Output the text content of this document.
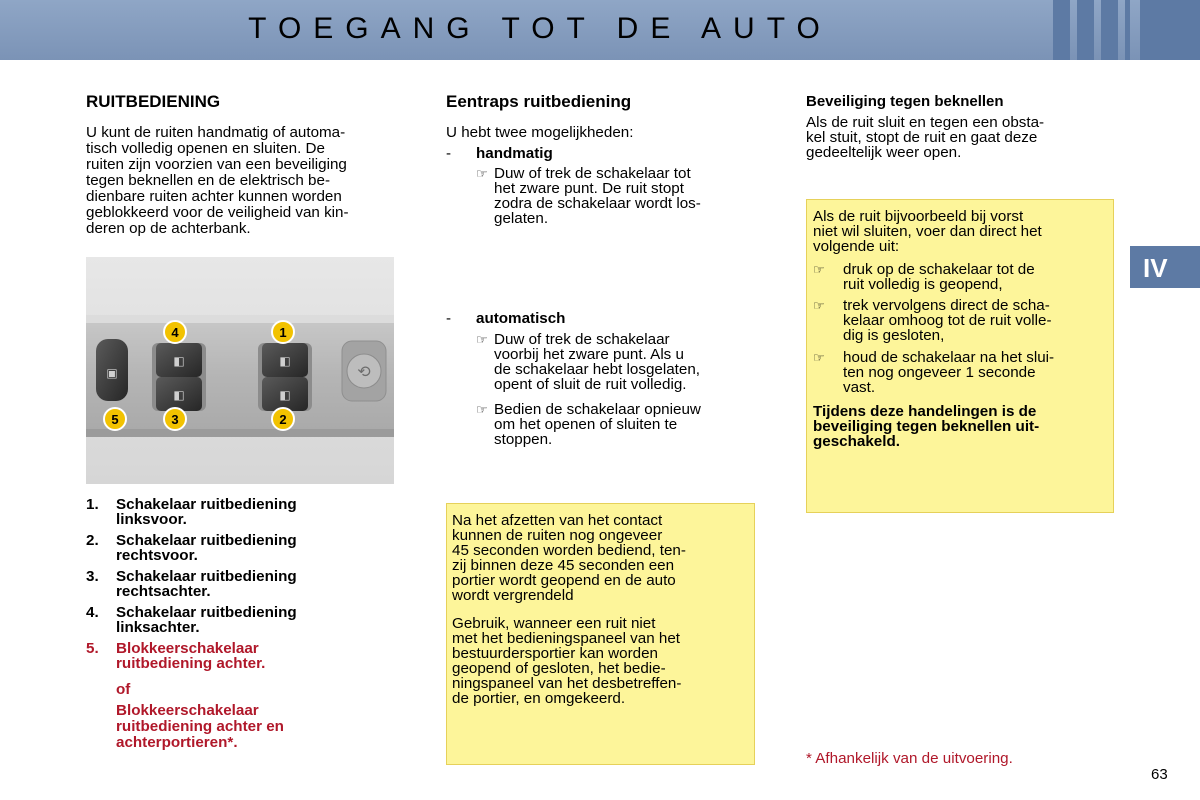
TOEGANG TOT DE AUTO
IV
RUITBEDIENING

U kunt de ruiten handmatig of automa-

tisch volledig openen en sluiten. De

ruiten zijn voorzien van een beveiliging

tegen beknellen en de elektrisch be-

dienbare ruiten achter kunnen worden

geblokkeerd voor de veiligheid van kin-

deren op de achterbank.

▣
◧
◧
◧
◧
⟲
4	1
5	3	2
1. Schakelaar ruitbediening
linksvoor.
2. Schakelaar ruitbediening
rechtsvoor.
3. Schakelaar ruitbediening
rechtsachter.
4. Schakelaar ruitbediening
linksachter.
5. Blokkeerschakelaar
ruitbediening achter.
of
Blokkeerschakelaar
ruitbediening achter en
achterportieren*.
Eentraps ruitbediening
U hebt twee mogelijkheden:
- handmatig
☞ Duw of trek de schakelaar tot
het zware punt. De ruit stopt
zodra de schakelaar wordt los-
gelaten.
- automatisch
☞ Duw of trek de schakelaar
voorbij het zware punt. Als u
de schakelaar hebt losgelaten,
opent of sluit de ruit volledig.
☞ Bedien de schakelaar opnieuw
om het openen of sluiten te
stoppen.
Na het afzetten van het contact
kunnen de ruiten nog ongeveer
45 seconden worden bediend, ten-
zij binnen deze 45 seconden een
portier wordt geopend en de auto
wordt vergrendeld
Gebruik, wanneer een ruit niet
met het bedieningspaneel van het
bestuurdersportier kan worden
geopend of gesloten, het bedie-
ningspaneel van het desbetreffen-
de portier, en omgekeerd.
Beveiliging tegen beknellen
Als de ruit sluit en tegen een obsta-
kel stuit, stopt de ruit en gaat deze
gedeeltelijk weer open.
Als de ruit bijvoorbeeld bij vorst
niet wil sluiten, voer dan direct het
volgende uit:
☞ druk op de schakelaar tot de
ruit volledig is geopend,
☞ trek vervolgens direct de scha-
kelaar omhoog tot de ruit volle-
dig is gesloten,
☞ houd de schakelaar na het slui-
ten nog ongeveer 1 seconde
vast.
Tijdens deze handelingen is de
beveiliging tegen beknellen uit-
geschakeld.
* Afhankelijk van de uitvoering.
63
